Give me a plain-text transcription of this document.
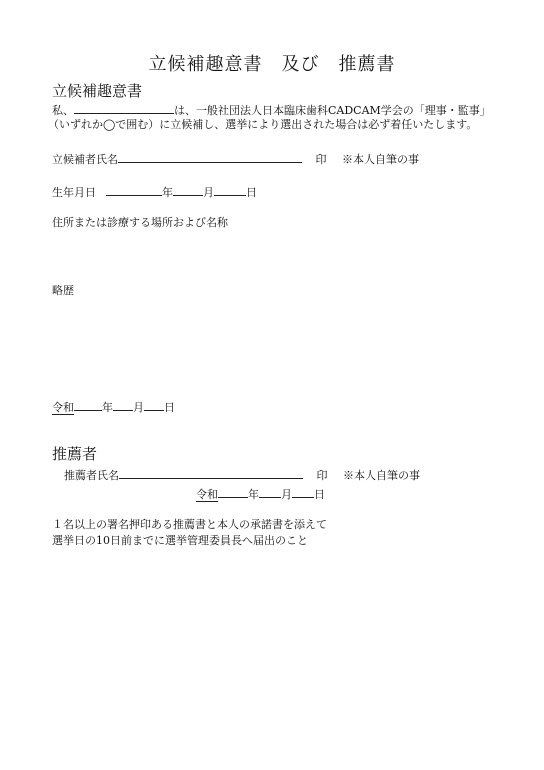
立候補趣意書　及び　推薦書
立候補趣意書
私、	は、一般社団法人日本臨床歯科CADCAM学会の「理事・監事」
（いずれか◯で囲む）に立候補し、選挙により選出された場合は必ず着任いたします。
立候補者氏名	印 ※本人自筆の事
生年月日	年	月	日
住所または診療する場所および名称
略歴
令和	年 月 日
推薦者
推薦者氏名	印 ※本人自筆の事
令和	年 月 日
１名以上の署名押印ある推薦書と本人の承諾書を添えて
選挙日の10日前までに選挙管理委員長へ届出のこと
